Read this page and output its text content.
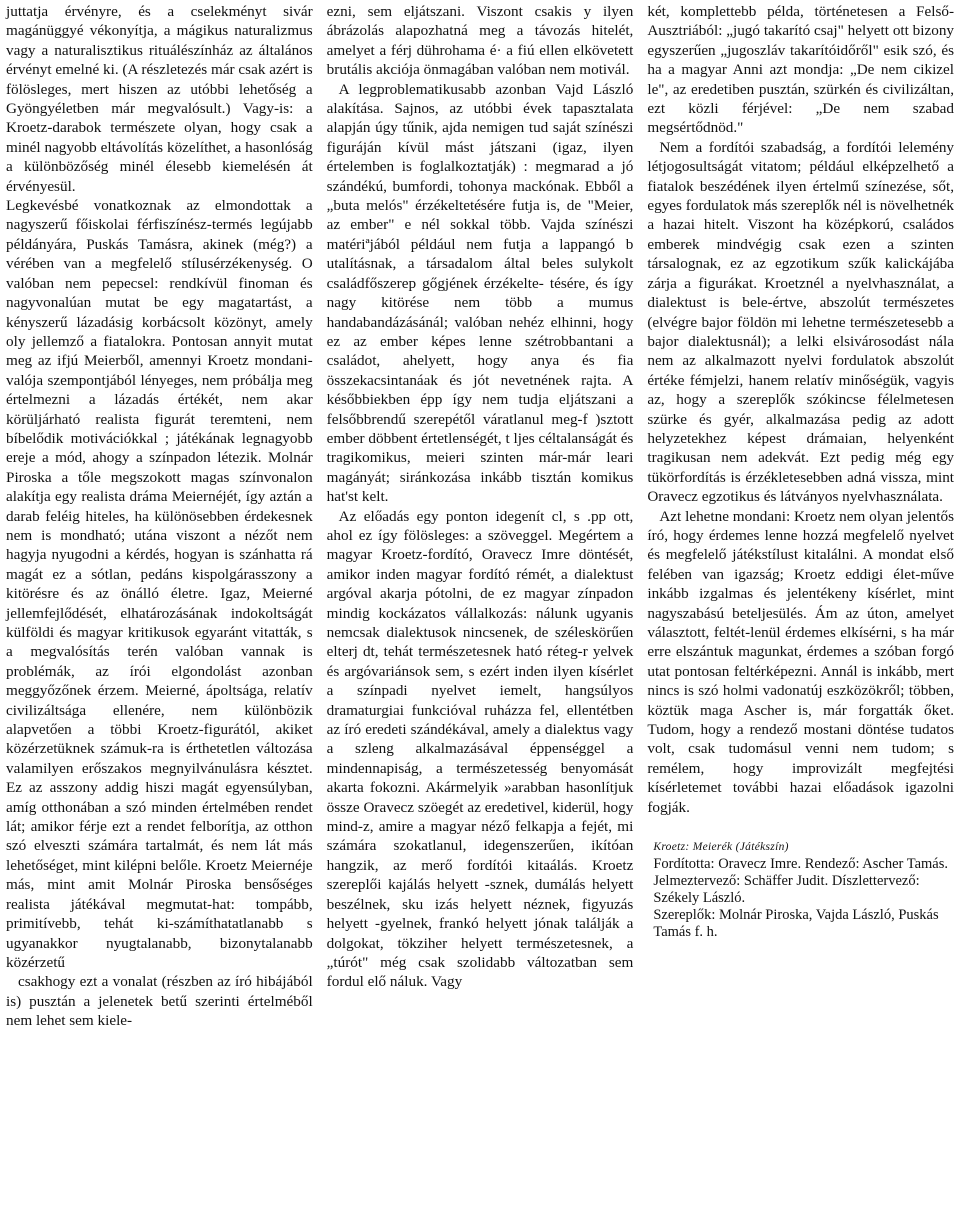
juttatja érvényre, és a cselekményt sivár magánüggyé vékonyítja, a mágikus naturalizmus vagy a naturalisztikus rituálészínház az általános érvényt emelné ki. (A részletezés már csak azért is fölösleges, mert hiszen az utóbbi lehetőség a Gyöngyéletben már megvalósult.) Vagy-is: a Kroetz-darabok természete olyan, hogy csak a minél nagyobb eltávolítás közelíthet, a hasonlóság a különbözőség minél élesebb kiemelésén át érvényesül.

Legkevésbé vonatkoznak az elmondottak a nagyszerű főiskolai férfiszínész-termés legújabb példányára, Puskás Tamásra, akinek (még?) a vérében van a megfelelő stílusérzékenység. O valóban nem pepecsel: rendkívül finoman és nagyvonalúan mutat be egy magatartást, a kényszerű lázadásig korbácsolt közönyt, amely oly jellemző a fiatalokra. Pontosan annyit mutat meg az ifjú Meierből, amennyi Kroetz mondani-valója szempontjából lényeges, nem próbálja meg értelmezni a lázadás értékét, nem akar körüljárható realista figurát teremteni, nem bíbelődik motivációkkal ; játékának legnagyobb ereje a mód, ahogy a színpadon létezik. Molnár Piroska a tőle megszokott magas színvonalon alakítja egy realista dráma Meiernéjét, így aztán a darab feléig hiteles, ha különösebben érdekesnek nem is mondható; utána viszont a nézőt nem hagyja nyugodni a kérdés, hogyan is szánhatta rá magát ez a sótlan, pedáns kispolgárasszony a kitörésre és az önálló életre. Igaz, Meierné jellemfejlődését, elhatározásának indokoltságát külföldi és magyar kritikusok egyaránt vitatták, s a megvalósítás terén valóban vannak is problémák, az írói elgondolást azonban meggyőzőnek érzem. Meierné, ápoltsága, relatív civilizáltsága ellenére, nem különbözik alapvetően a többi Kroetz-figurától, akiket közérzetüknek számuk-ra is érthetetlen változása valamilyen erőszakos megnyilvánulásra késztet. Ez az asszony addig hiszi magát egyensúlyban, amíg otthonában a szó minden értelmében rendet lát; amikor férje ezt a rendet felborítja, az otthon szó elveszti számára tartalmát, és nem lát más lehetőséget, mint kilépni belőle. Kroetz Meiernéje más, mint amit Molnár Piroska bensőséges realista játékával megmutat-hat: tompább, primitívebb, tehát ki-számíthatatlanabb s ugyanakkor nyugtalanabb, bizonytalanabb közérzetű

csakhogy ezt a vonalat (részben az író hibájából is) pusztán a jelenetek betű szerinti értelméből nem lehet sem kiele-

ezni, sem eljátszani. Viszont csakis y ilyen ábrázolás alapozhatná meg a távozás hitelét, amelyet a férj dührohama é· a fiú ellen elkövetett brutális akciója önmagában valóban nem motivál.

A legproblematikusabb azonban Vajd László alakítása. Sajnos, az utóbbi évek tapasztalata alapján úgy tűnik, ajda nemigen tud saját színészi figuráján kívül mást játszani (igaz, ilyen értelemben is foglalkoztatják) : megmarad a jó szándékú, bumfordi, tohonya mackónak. Ebből a „buta melós" érzékeltetésére futja is, de "Meier, az ember" e nél sokkal több. Vajda színészi matériªjából például nem futja a lappangó b utalításnak, a társadalom által beles sulykolt családfőszerep gőgjének érzékelte- tésére, és így nagy kitörése nem több a mumus handabandázásánál; valóban nehéz elhinni, hogy ez az ember képes lenne szétrobbantani a családot, ahelyett, hogy anya és fia összekacsintanáak és jót nevetnének rajta. A későbbiekben épp így nem tudja eljátszani a felsőbbrendű szerepétől váratlanul meg-f )sztott ember döbbent értetlenségét, t ljes céltalanságát és tragikomikus, meieri szinten már-már leari magányát; siránkozása inkább tisztán komikus hat'st kelt.

Az előadás egy ponton idegenít cl, s .pp ott, ahol ez így fölösleges: a szöveggel. Megértem a magyar Kroetz-fordító, Oravecz Imre döntését, amikor inden magyar fordító rémét, a dialektust argóval akarja pótolni, de ez magyar zínpadon mindig kockázatos vállalkozás: nálunk ugyanis nemcsak dialektusok nincsenek, de széleskörűen elterj dt, tehát természetesnek ható réteg-r yelvek és argóvariánsok sem, s ezért inden ilyen kísérlet a színpadi nyelvet iemelt, hangsúlyos dramaturgiai funkcióval ruházza fel, ellentétben az író eredeti szándékával, amely a dialektus vagy a szleng alkalmazásával éppenséggel a mindennapiság, a természetesség benyomását akarta fokozni. Akármelyik »arabban hasonlítjuk össze Oravecz szöegét az eredetivel, kiderül, hogy mind-z, amire a magyar néző felkapja a fejét, mi számára szokatlanul, idegenszerűen, ikítóan hangzik, az merő fordítói kitaálás. Kroetz szereplői kajálás helyett -sznek, dumálás helyett beszélnek, sku izás helyett néznek, figyuzás helyett -gyelnek, frankó helyett jónak találják a dolgokat, tökziher helyett természetesnek, a „túrót" még csak szolidabb változatban sem fordul elő náluk. Vagy

két, komplettebb példa, történetesen a Felső-Ausztriából: „jugó takarító csaj" helyett ott bizony egyszerűen „jugoszláv takarítóidőről" esik szó, és ha a magyar Anni azt mondja: „De nem cikizel le", az eredetiben pusztán, szürkén és civilizáltan, ezt közli férjével: „De nem szabad megsértődnöd."

Nem a fordítói szabadság, a fordítói lelemény létjogosultságát vitatom; például elképzelhető a fiatalok beszédének ilyen értelmű színezése, sőt, egyes fordulatok más szereplők nél is növelhetnék a hazai hitelt. Viszont ha középkorú, családos emberek mindvégig csak ezen a szinten társalognak, ez az egzotikum szűk kalickájába zárja a figurákat. Kroetznél a nyelvhasználat, a dialektust is bele-értve, abszolút természetes (elvégre bajor földön mi lehetne természetesebb a bajor dialektusnál); a lelki elsivárosodást nála nem az alkalmazott nyelvi fordulatok abszolút értéke fémjelzi, hanem relatív minőségük, vagyis az, hogy a szereplők szókincse félelmetesen szürke és gyér, alkalmazása pedig az adott helyzetekhez képest drámaian, helyenként tragikusan nem adekvát. Ezt pedig még egy tükörfordítás is érzékletesebben adná vissza, mint Oravecz egzotikus és látványos nyelvhasználata.

Azt lehetne mondani: Kroetz nem olyan jelentős író, hogy érdemes lenne hozzá megfelelő nyelvet és megfelelő játékstílust kitalálni. A mondat első felében van igazság; Kroetz eddigi élet-műve inkább izgalmas és jelentékeny kísérlet, mint nagyszabású beteljesülés. Ám az úton, amelyet választott, feltét-lenül érdemes elkísérni, s ha már erre elszántuk magunkat, érdemes a szóban forgó utat pontosan feltérképezni. Annál is inkább, mert nincs is szó holmi vadonatúj eszközökről; többen, köztük maga Ascher is, már forgatták őket. Tudom, hogy a rendező mostani döntése tudatos volt, csak tudomásul venni nem tudom; s remélem, hogy improvizált megfejtési kísérletemet további hazai előadások igazolni fogják.

Kroetz: Meierék (Játékszín)

Fordította: Oravecz Imre. Rendező: Ascher Tamás. Jelmeztervező: Schäffer Judit. Díszlettervező: Székely László.

Szereplők: Molnár Piroska, Vajda László, Puskás Tamás f. h.
